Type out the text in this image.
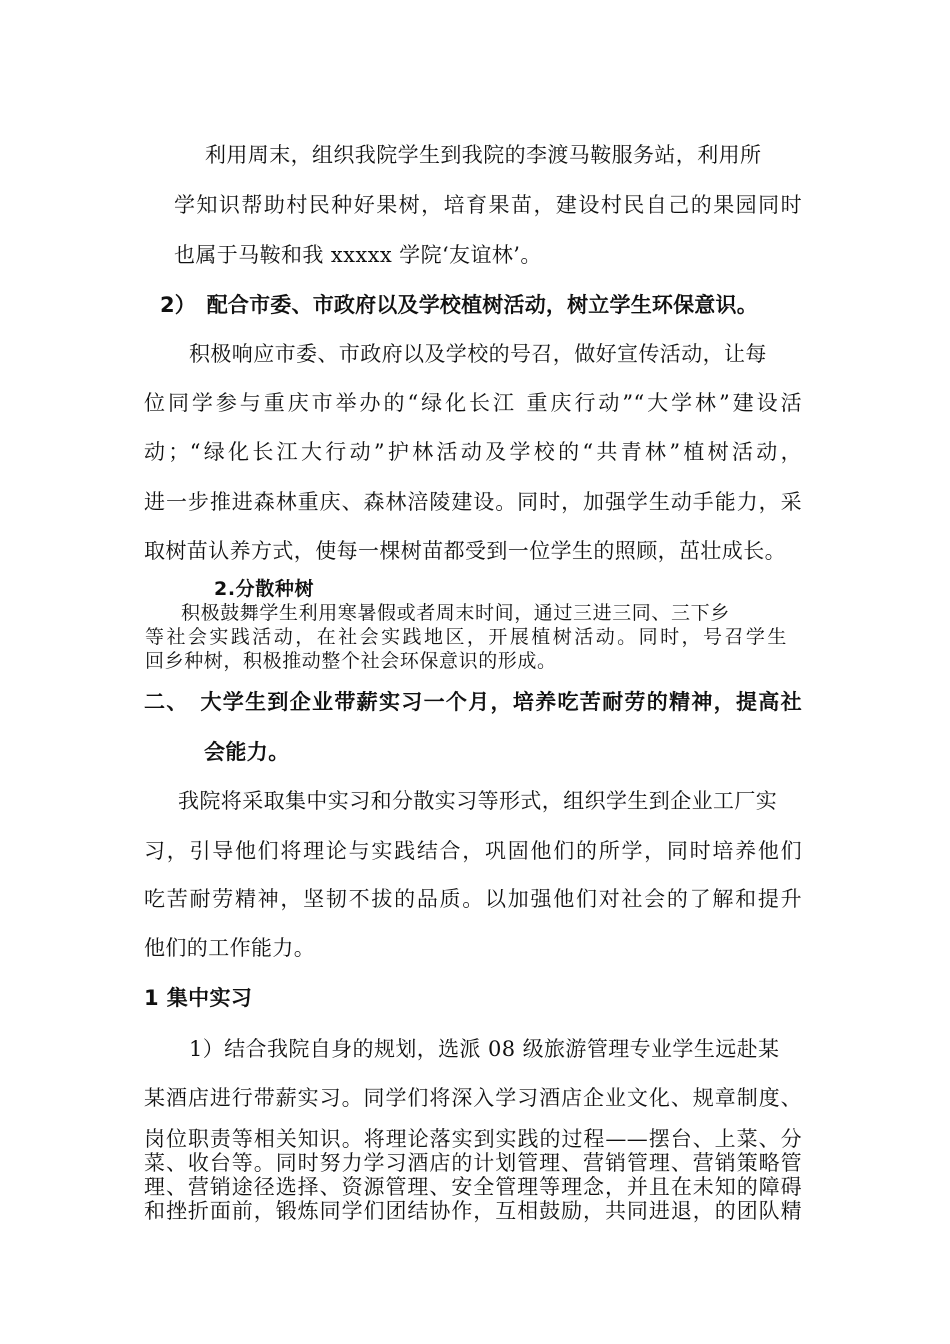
利用周末，组织我院学生到我院的李渡马鞍服务站，利用所
学知识帮助村民种好果树，培育果苗，建设村民自己的果园同时
也属于马鞍和我 xxxxx 学院‘友谊林’。
2）　配合市委、市政府以及学校植树活动，树立学生环保意识。
积极响应市委、市政府以及学校的号召，做好宣传活动，让每
位同学参与重庆市举办的“绿化长江 重庆行动”“大学林”建设活
动；“绿化长江大行动”护林活动及学校的“共青林”植树活动，
进一步推进森林重庆、森林涪陵建设。同时，加强学生动手能力，采
取树苗认养方式，使每一棵树苗都受到一位学生的照顾，茁壮成长。
2.分散种树
积极鼓舞学生利用寒暑假或者周末时间，通过三进三同、三下乡
等社会实践活动，在社会实践地区，开展植树活动。同时，号召学生
回乡种树，积极推动整个社会环保意识的形成。
二、　大学生到企业带薪实习一个月，培养吃苦耐劳的精神，提高社
会能力。
我院将采取集中实习和分散实习等形式，组织学生到企业工厂实
习，引导他们将理论与实践结合，巩固他们的所学，同时培养他们
吃苦耐劳精神，坚韧不拔的品质。以加强他们对社会的了解和提升
他们的工作能力。
1 集中实习
1）结合我院自身的规划，选派 08 级旅游管理专业学生远赴某
某酒店进行带薪实习。同学们将深入学习酒店企业文化、规章制度、
岗位职责等相关知识。将理论落实到实践的过程——摆台、上菜、分
菜、收台等。同时努力学习酒店的计划管理、营销管理、营销策略管
理、营销途径选择、资源管理、安全管理等理念，并且在未知的障碍
和挫折面前，锻炼同学们团结协作，互相鼓励，共同进退，的团队精
